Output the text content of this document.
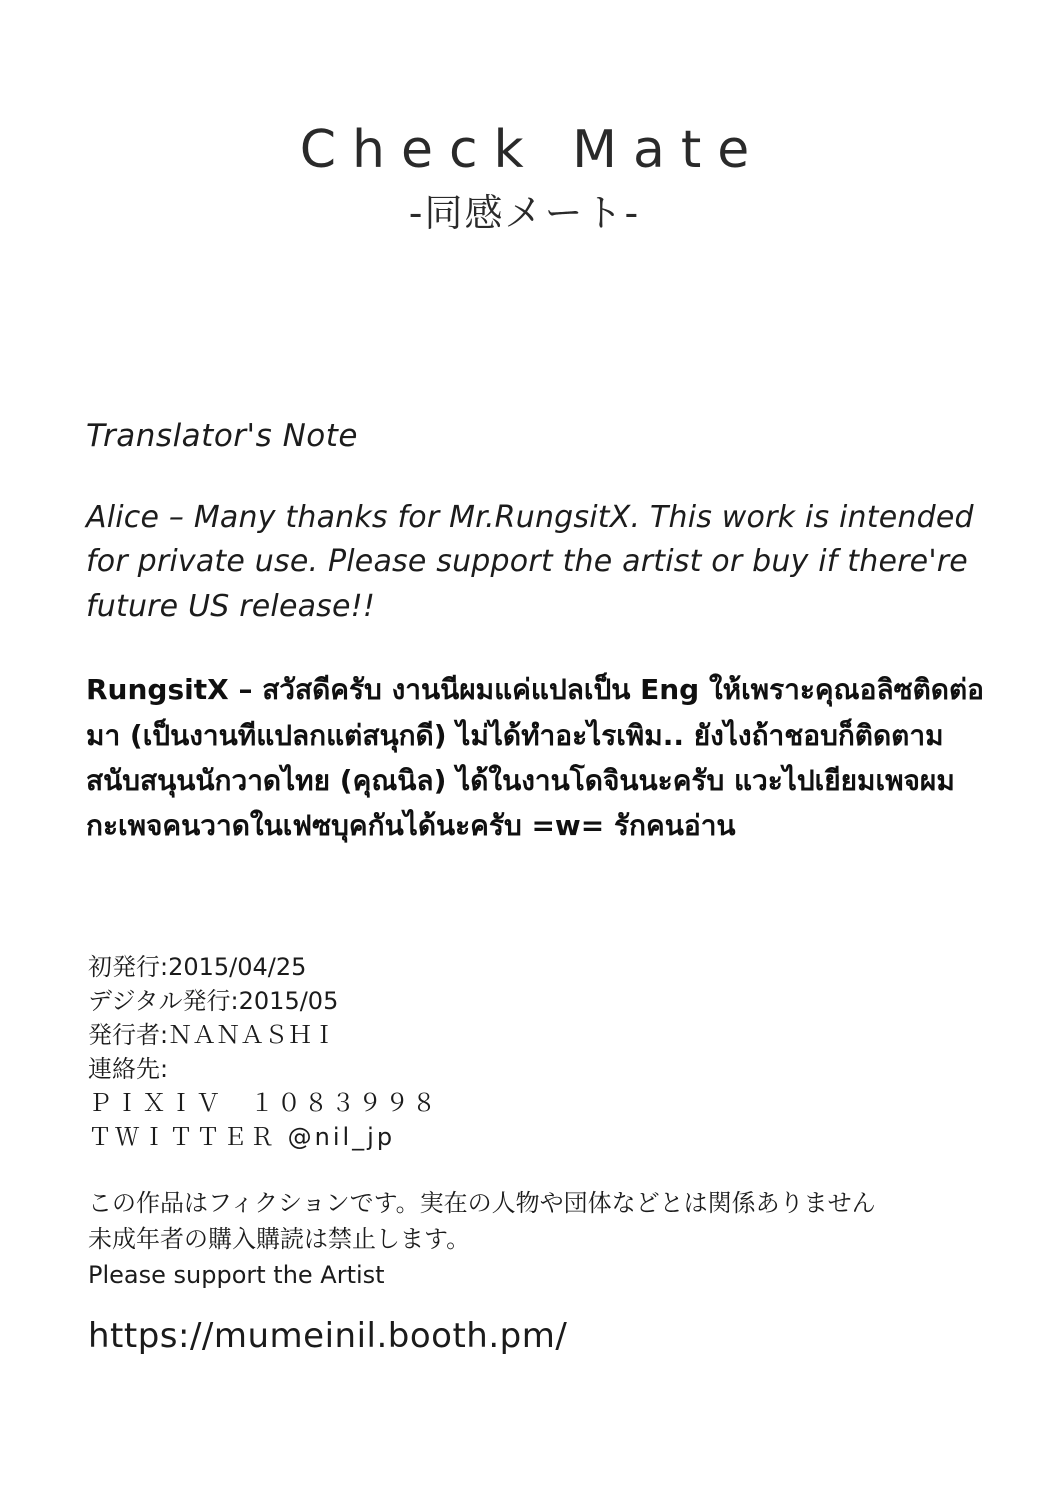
Check Mate
-同感メート-
Translator's Note
Alice – Many thanks for Mr.RungsitX. This work is intended for private use. Please support the artist or buy if there're future US release!!
RungsitX – สวัสดีครับ งานนีผมแค่แปลเป็น Eng ให้เพราะคุณอลิซติดต่อมา (เป็นงานทีแปลกแต่สนุกดี) ไม่ได้ทำอะไรเพิม.. ยังไงถ้าชอบก็ติดตามสนับสนุนนักวาดไทย (คุณนิล) ได้ในงานโดจินนะครับ แวะไปเยียมเพจผมกะเพจคนวาดในเฟซบุคกันได้นะครับ =w= รักคนอ่าน
初発行:2015/04/25
デジタル発行:2015/05
発行者:ＮＡＮＡＳＨＩ
連絡先:
ＰＩＸＩＶ　１０８３９９８
ＴＷＩＴＴＥＲ @nil_jp
この作品はフィクションです。実在の人物や団体などとは関係ありません
未成年者の購入購読は禁止します。
Please support the Artist
https://mumeinil.booth.pm/
